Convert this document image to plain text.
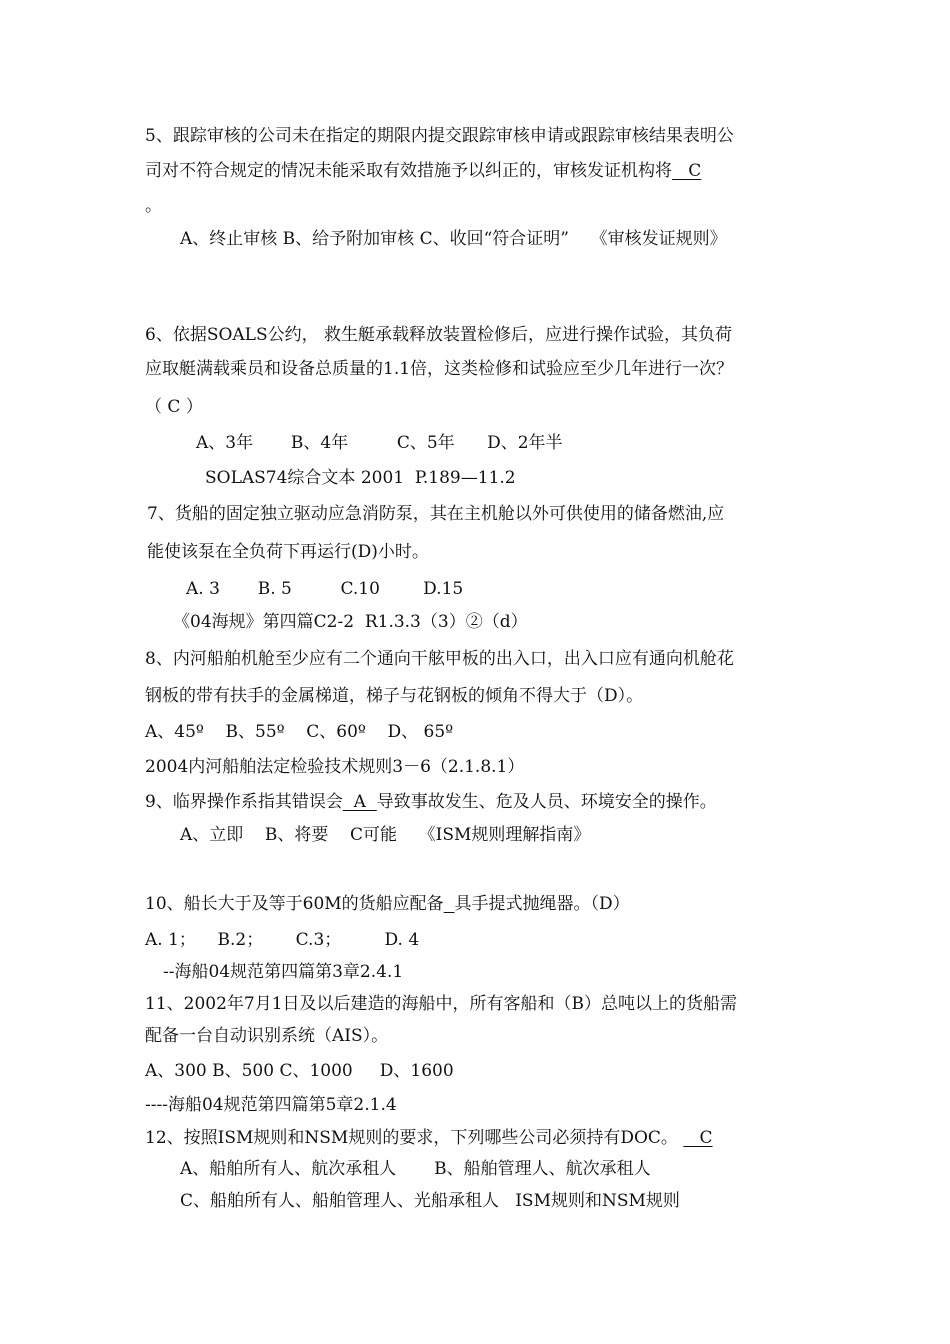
5、跟踪审核的公司未在指定的期限内提交跟踪审核申请或跟踪审核结果表明公
司对不符合规定的情况未能采取有效措施予以纠正的，审核发证机构将   C
。
A、终止审核 B、给予附加审核 C、收回“符合证明”    《审核发证规则》
6、依据SOALS公约， 救生艇承载释放装置检修后，应进行操作试验，其负荷
应取艇满载乘员和设备总质量的1.1倍，这类检修和试验应至少几年进行一次？
（ C ）
A、3年       B、4年         C、5年      D、2年半
SOLAS74综合文本 2001  P.189—11.2
7、货船的固定独立驱动应急消防泵，其在主机舱以外可供使用的储备燃油,应
能使该泵在全负荷下再运行(D)小时。
A. 3       B. 5         C.10        D.15
《04海规》第四篇C2-2  R1.3.3（3）②（d）
8、内河船舶机舱至少应有二个通向干舷甲板的出入口，出入口应有通向机舱花
钢板的带有扶手的金属梯道，梯子与花钢板的倾角不得大于（D）。
A、45º    B、55º    C、60º    D、 65º
2004内河船舶法定检验技术规则3－6（2.1.8.1）
9、临界操作系指其错误会  A  导致事故发生、危及人员、环境安全的操作。
A、立即    B、将要    C可能    《ISM规则理解指南》
10、船长大于及等于60M的货船应配备 具手提式抛绳器。（D）
A. 1；    B.2；      C.3；        D. 4
--海船04规范第四篇第3章2.4.1
11、2002年7月1日及以后建造的海船中，所有客船和（B）总吨以上的货船需
配备一台自动识别系统（AIS）。
A、300 B、500 C、1000     D、1600
----海船04规范第四篇第5章2.1.4
12、按照ISM规则和NSM规则的要求，下列哪些公司必须持有DOC。    C
A、船舶所有人、航次承租人       B、船舶管理人、航次承租人
C、船舶所有人、船舶管理人、光船承租人   ISM规则和NSM规则
